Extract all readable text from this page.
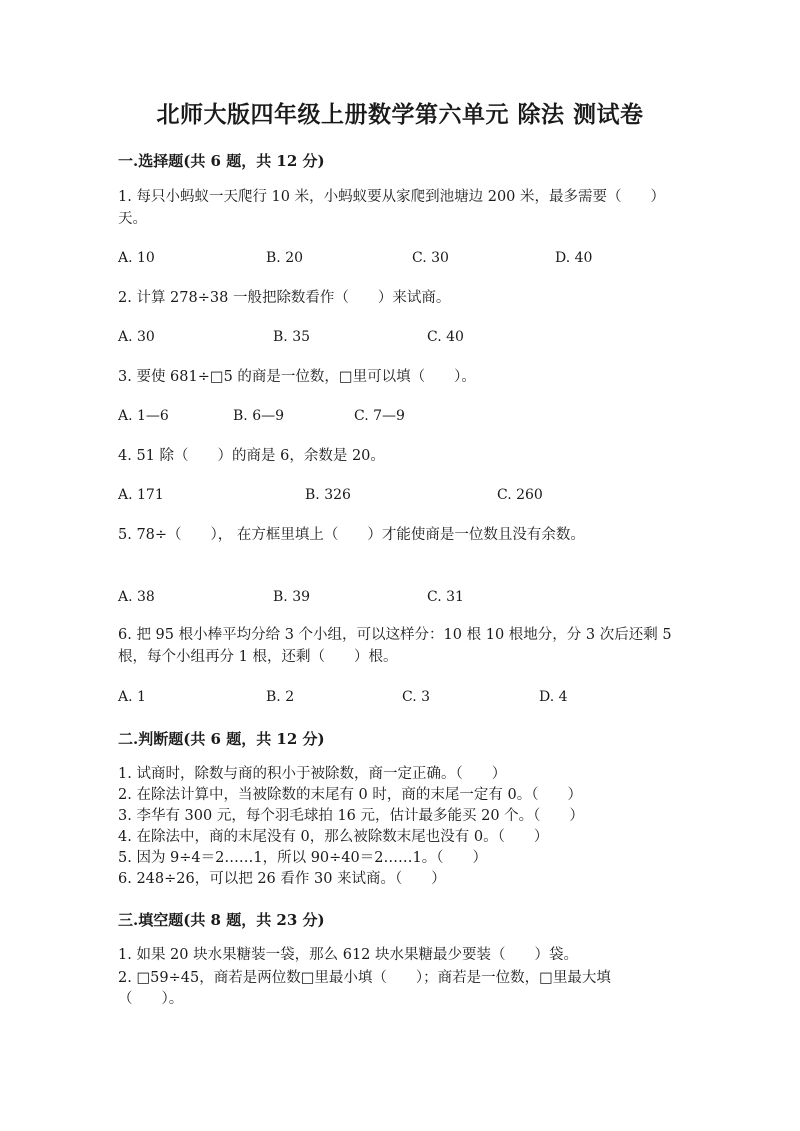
北师大版四年级上册数学第六单元 除法 测试卷
一.选择题(共 6 题，共 12 分)
1. 每只小蚂蚁一天爬行 10 米，小蚂蚁要从家爬到池塘边 200 米，最多需要（　　）天。
A. 10	B. 20	C. 30	D. 40
2. 计算 278÷38 一般把除数看作（　　）来试商。
A. 30	B. 35	C. 40
3. 要使 681÷□5 的商是一位数，□里可以填（　　）。
A. 1—6	B. 6—9	C. 7—9
4. 51 除（　　）的商是 6，余数是 20。
A. 171	B. 326	C. 260
5. 78÷（　　）， 在方框里填上（　　）才能使商是一位数且没有余数。
A. 38	B. 39	C. 31
6. 把 95 根小棒平均分给 3 个小组，可以这样分：10 根 10 根地分，分 3 次后还剩 5 根，每个小组再分 1 根，还剩（　　）根。
A. 1	B. 2	C. 3	D. 4
二.判断题(共 6 题，共 12 分)
1. 试商时，除数与商的积小于被除数，商一定正确。（　　）
2. 在除法计算中，当被除数的末尾有 0 时，商的末尾一定有 0。（　　）
3. 李华有 300 元，每个羽毛球拍 16 元，估计最多能买 20 个。（　　）
4. 在除法中，商的末尾没有 0，那么被除数末尾也没有 0。（　　）
5. 因为 9÷4＝2……1，所以 90÷40＝2……1。（　　）
6. 248÷26，可以把 26 看作 30 来试商。（　　）
三.填空题(共 8 题，共 23 分)
1. 如果 20 块水果糖装一袋，那么 612 块水果糖最少要装（　　）袋。
2. □59÷45，商若是两位数□里最小填（　　）；商若是一位数，□里最大填
（　　）。
